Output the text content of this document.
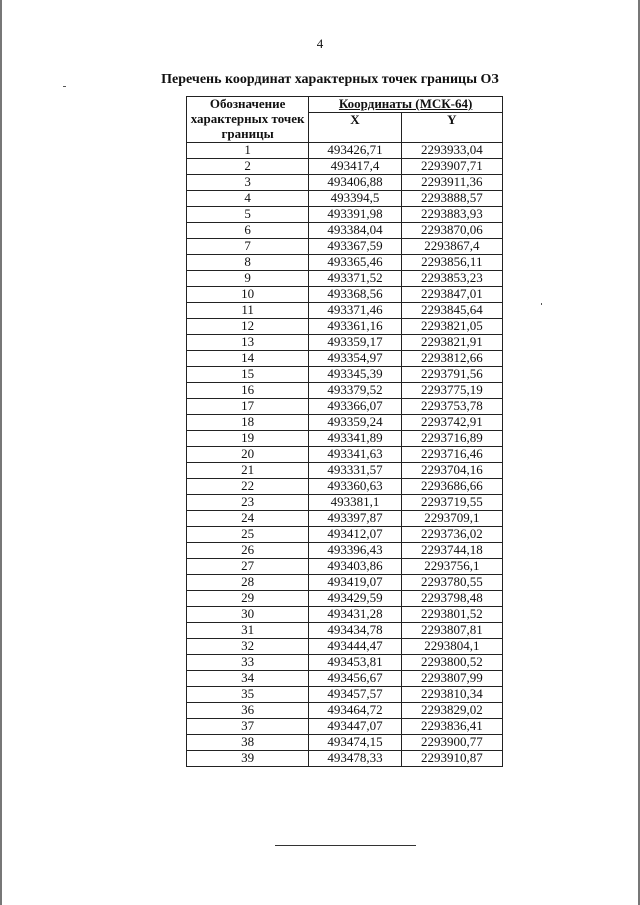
4
Перечень координат характерных точек границы ОЗ
Обозначение характерных точек границы	Координаты (МСК-64)	
	X	Y
1	493426,71	2293933,04
2	493417,4	2293907,71
3	493406,88	2293911,36
4	493394,5	2293888,57
5	493391,98	2293883,93
6	493384,04	2293870,06
7	493367,59	2293867,4
8	493365,46	2293856,11
9	493371,52	2293853,23
10	493368,56	2293847,01
11	493371,46	2293845,64
12	493361,16	2293821,05
13	493359,17	2293821,91
14	493354,97	2293812,66
15	493345,39	2293791,56
16	493379,52	2293775,19
17	493366,07	2293753,78
18	493359,24	2293742,91
19	493341,89	2293716,89
20	493341,63	2293716,46
21	493331,57	2293704,16
22	493360,63	2293686,66
23	493381,1	2293719,55
24	493397,87	2293709,1
25	493412,07	2293736,02
26	493396,43	2293744,18
27	493403,86	2293756,1
28	493419,07	2293780,55
29	493429,59	2293798,48
30	493431,28	2293801,52
31	493434,78	2293807,81
32	493444,47	2293804,1
33	493453,81	2293800,52
34	493456,67	2293807,99
35	493457,57	2293810,34
36	493464,72	2293829,02
37	493447,07	2293836,41
38	493474,15	2293900,77
39	493478,33	2293910,87
